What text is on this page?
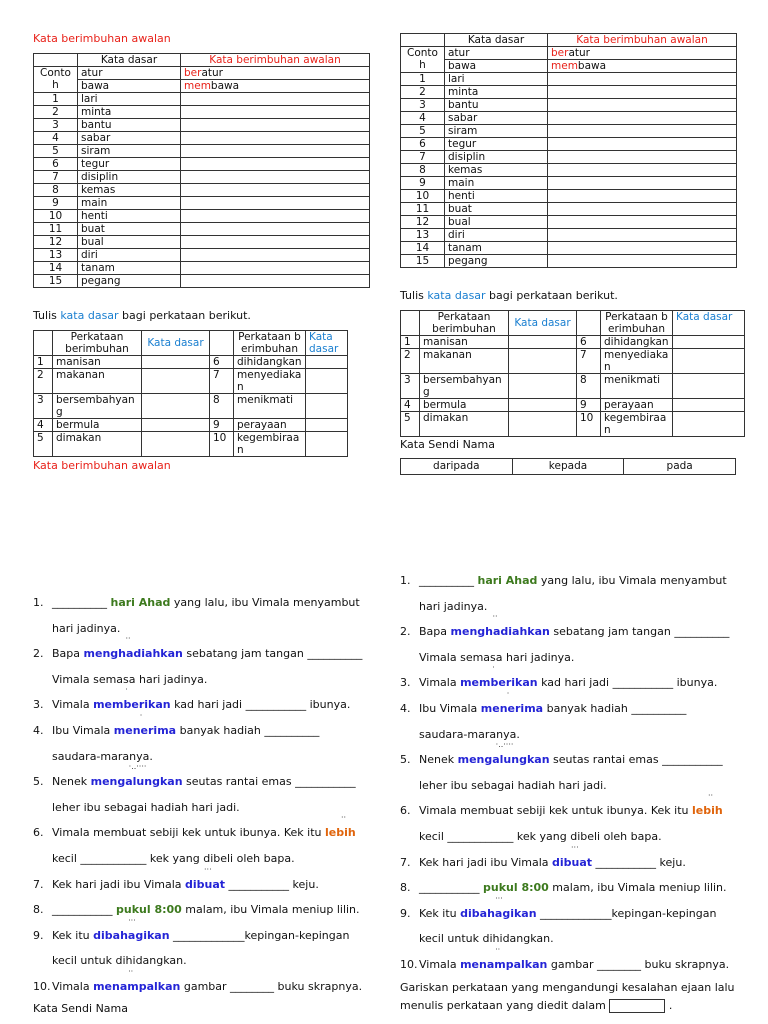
Kata berimbuhan awalan
	Kata dasar	Kata berimbuhan awalan
Contoh	atur	beratur
	bawa	membawa
1	lari	
2	minta	
3	bantu	
4	sabar	
5	siram	
6	tegur	
7	disiplin	
8	kemas	
9	main	
10	henti	
11	buat	
12	bual	
13	diri	
14	tanam	
15	pegang	
Tulis kata dasar bagi perkataan berikut.
	Perkataan berimbuhan	Kata dasar		Perkataan berimbuhan	Kata dasar
1	manisan		6	dihidangkan	
2	makanan		7	menyediakan	
3	bersembahyang		8	menikmati	
4	bermula		9	perayaan	
5	dimakan		10	kegembiraan	
Kata berimbuhan awalan
1. __________ hari Ahad yang lalu, ibu Vimala menyambut
hari jadinya.
2. Bapa menghadiahkan
··
sebatang jam tangan __________
Vimala semasa hari jadinya.
3. Vimala memberikan
·
kad hari jadi ___________ ibunya.
4. Ibu Vimala menerima
·
banyak hadiah __________
saudara-maranya.
5. Nenek mengalungkan
·..····
seutas rantai emas ___________
leher ibu sebagai hadiah hari jadi.
6. Vimala membuat sebiji kek untuk ibunya. Kek itu lebih
··
kecil ____________ kek yang dibeli oleh bapa.
7. Kek hari jadi ibu Vimala dibuat
···
___________ keju.
8. ___________ pukul 8:00 malam, ibu Vimala meniup lilin.
9. Kek itu dibahagikan
···
_____________kepingan-kepingan
kecil untuk dihidangkan.
10. Vimala menampalkan
··
gambar ________ buku skrapnya.
Kata Sendi Nama
	Kata dasar	Kata berimbuhan awalan
Contoh	atur	beratur
	bawa	membawa
1	lari	
2	minta	
3	bantu	
4	sabar	
5	siram	
6	tegur	
7	disiplin	
8	kemas	
9	main	
10	henti	
11	buat	
12	bual	
13	diri	
14	tanam	
15	pegang	
Tulis kata dasar bagi perkataan berikut.
	Perkataan berimbuhan	Kata dasar		Perkataan berimbuhan	Kata dasar
1	manisan		6	dihidangkan	
2	makanan		7	menyediakan	
3	bersembahyang		8	menikmati	
4	bermula		9	perayaan	
5	dimakan		10	kegembiraan	
Kata Sendi Nama
daripada	kepada	pada
1. __________ hari Ahad yang lalu, ibu Vimala menyambut
hari jadinya.
2. Bapa menghadiahkan
··
sebatang jam tangan __________
Vimala semasa hari jadinya.
3. Vimala memberikan
·
kad hari jadi ___________ ibunya.
4. Ibu Vimala menerima
·
banyak hadiah __________
saudara-maranya.
5. Nenek mengalungkan
·..····
seutas rantai emas ___________
leher ibu sebagai hadiah hari jadi.
6. Vimala membuat sebiji kek untuk ibunya. Kek itu lebih
··
kecil ____________ kek yang dibeli oleh bapa.
7. Kek hari jadi ibu Vimala dibuat
···
___________ keju.
8. ___________ pukul 8:00 malam, ibu Vimala meniup lilin.
9. Kek itu dibahagikan
···
_____________kepingan-kepingan
kecil untuk dihidangkan.
10. Vimala menampalkan
··
gambar ________ buku skrapnya.
Gariskan perkataan yang mengandungi kesalahan ejaan lalu
menulis perkataan yang diedit dalam	.
